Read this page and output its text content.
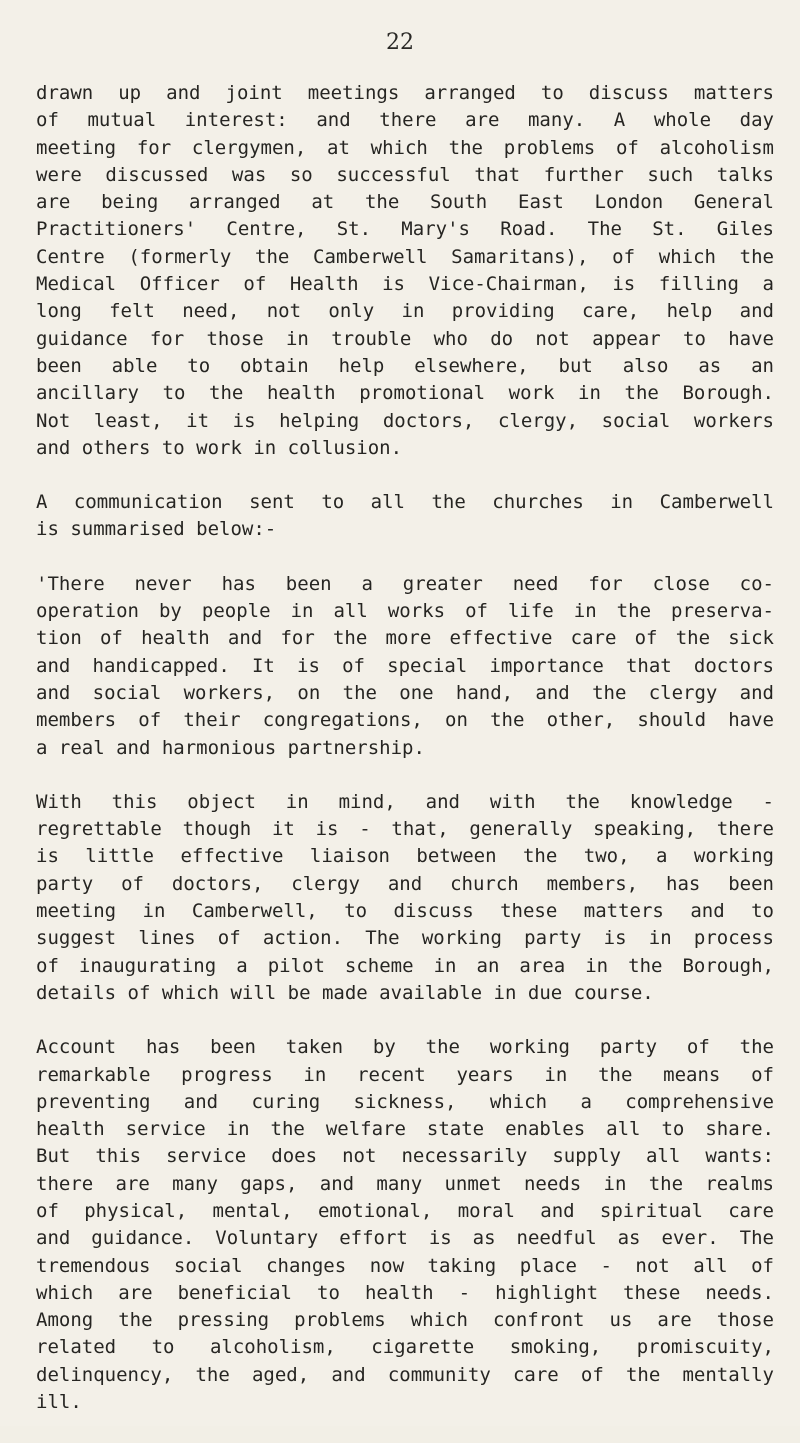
22
drawn up and joint meetings arranged to discuss matters
of mutual interest: and there are many. A whole day
meeting for clergymen, at which the problems of alcoholism
were discussed was so successful that further such talks
are being arranged at the South East London General
Practitioners' Centre, St. Mary's Road. The St. Giles
Centre (formerly the Camberwell Samaritans), of which the
Medical Officer of Health is Vice-Chairman, is filling a
long felt need, not only in providing care, help and
guidance for those in trouble who do not appear to have
been able to obtain help elsewhere, but also as an
ancillary to the health promotional work in the Borough.
Not least, it is helping doctors, clergy, social workers
and others to work in collusion.
A communication sent to all the churches in Camberwell
is summarised below:-
'There never has been a greater need for close co-
operation by people in all works of life in the preserva-
tion of health and for the more effective care of the sick
and handicapped. It is of special importance that doctors
and social workers, on the one hand, and the clergy and
members of their congregations, on the other, should have
a real and harmonious partnership.
With this object in mind, and with the knowledge -
regrettable though it is - that, generally speaking, there
is little effective liaison between the two, a working
party of doctors, clergy and church members, has been
meeting in Camberwell, to discuss these matters and to
suggest lines of action. The working party is in process
of inaugurating a pilot scheme in an area in the Borough,
details of which will be made available in due course.
Account has been taken by the working party of the
remarkable progress in recent years in the means of
preventing and curing sickness, which a comprehensive
health service in the welfare state enables all to share.
But this service does not necessarily supply all wants:
there are many gaps, and many unmet needs in the realms
of physical, mental, emotional, moral and spiritual care
and guidance. Voluntary effort is as needful as ever. The
tremendous social changes now taking place - not all of
which are beneficial to health - highlight these needs.
Among the pressing problems which confront us are those
related to alcoholism, cigarette smoking, promiscuity,
delinquency, the aged, and community care of the mentally
ill.
